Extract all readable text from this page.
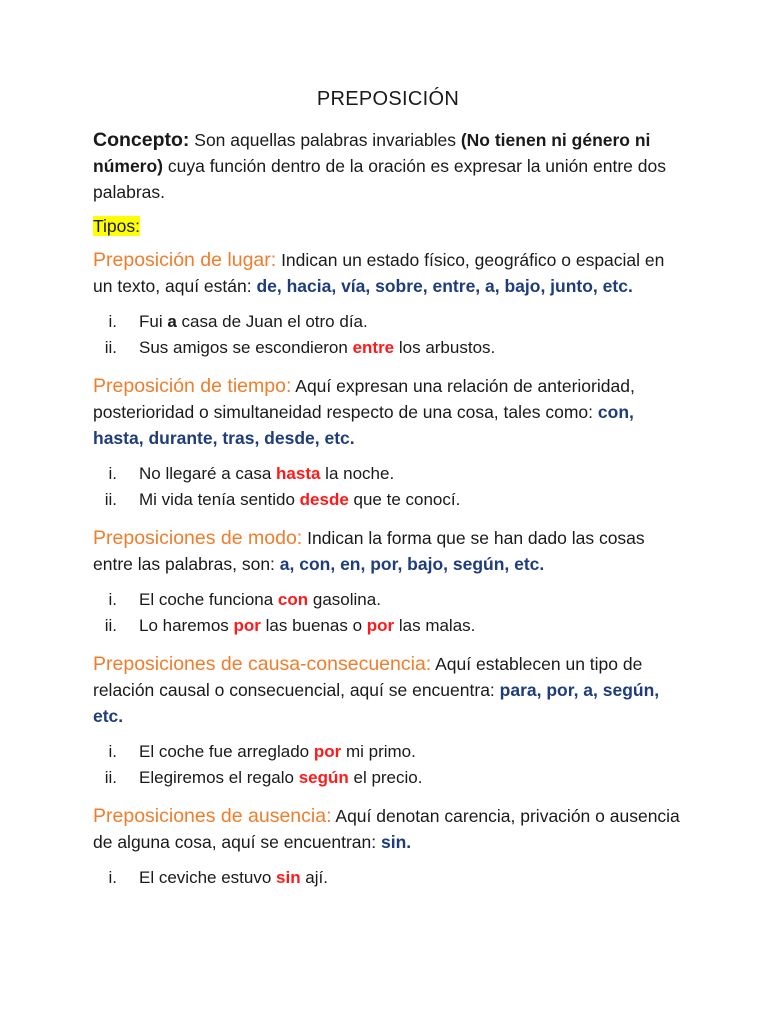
PREPOSICIÓN

Concepto: Son aquellas palabras invariables (No tienen ni género ni número) cuya función dentro de la oración es expresar la unión entre dos palabras.

Tipos:

Preposición de lugar: Indican un estado físico, geográfico o espacial en un texto, aquí están: de, hacia, vía, sobre, entre, a, bajo, junto, etc.

i. Fui a casa de Juan el otro día.
ii. Sus amigos se escondieron entre los arbustos.

Preposición de tiempo: Aquí expresan una relación de anterioridad, posterioridad o simultaneidad respecto de una cosa, tales como: con, hasta, durante, tras, desde, etc.

i. No llegaré a casa hasta la noche.
ii. Mi vida tenía sentido desde que te conocí.

Preposiciones de modo: Indican la forma que se han dado las cosas entre las palabras, son: a, con, en, por, bajo, según, etc.

i. El coche funciona con gasolina.
ii. Lo haremos por las buenas o por las malas.

Preposiciones de causa-consecuencia: Aquí establecen un tipo de relación causal o consecuencial, aquí se encuentra: para, por, a, según, etc.

i. El coche fue arreglado por mi primo.
ii. Elegiremos el regalo según el precio.

Preposiciones de ausencia: Aquí denotan carencia, privación o ausencia de alguna cosa, aquí se encuentran: sin.

i. El ceviche estuvo sin ají.
